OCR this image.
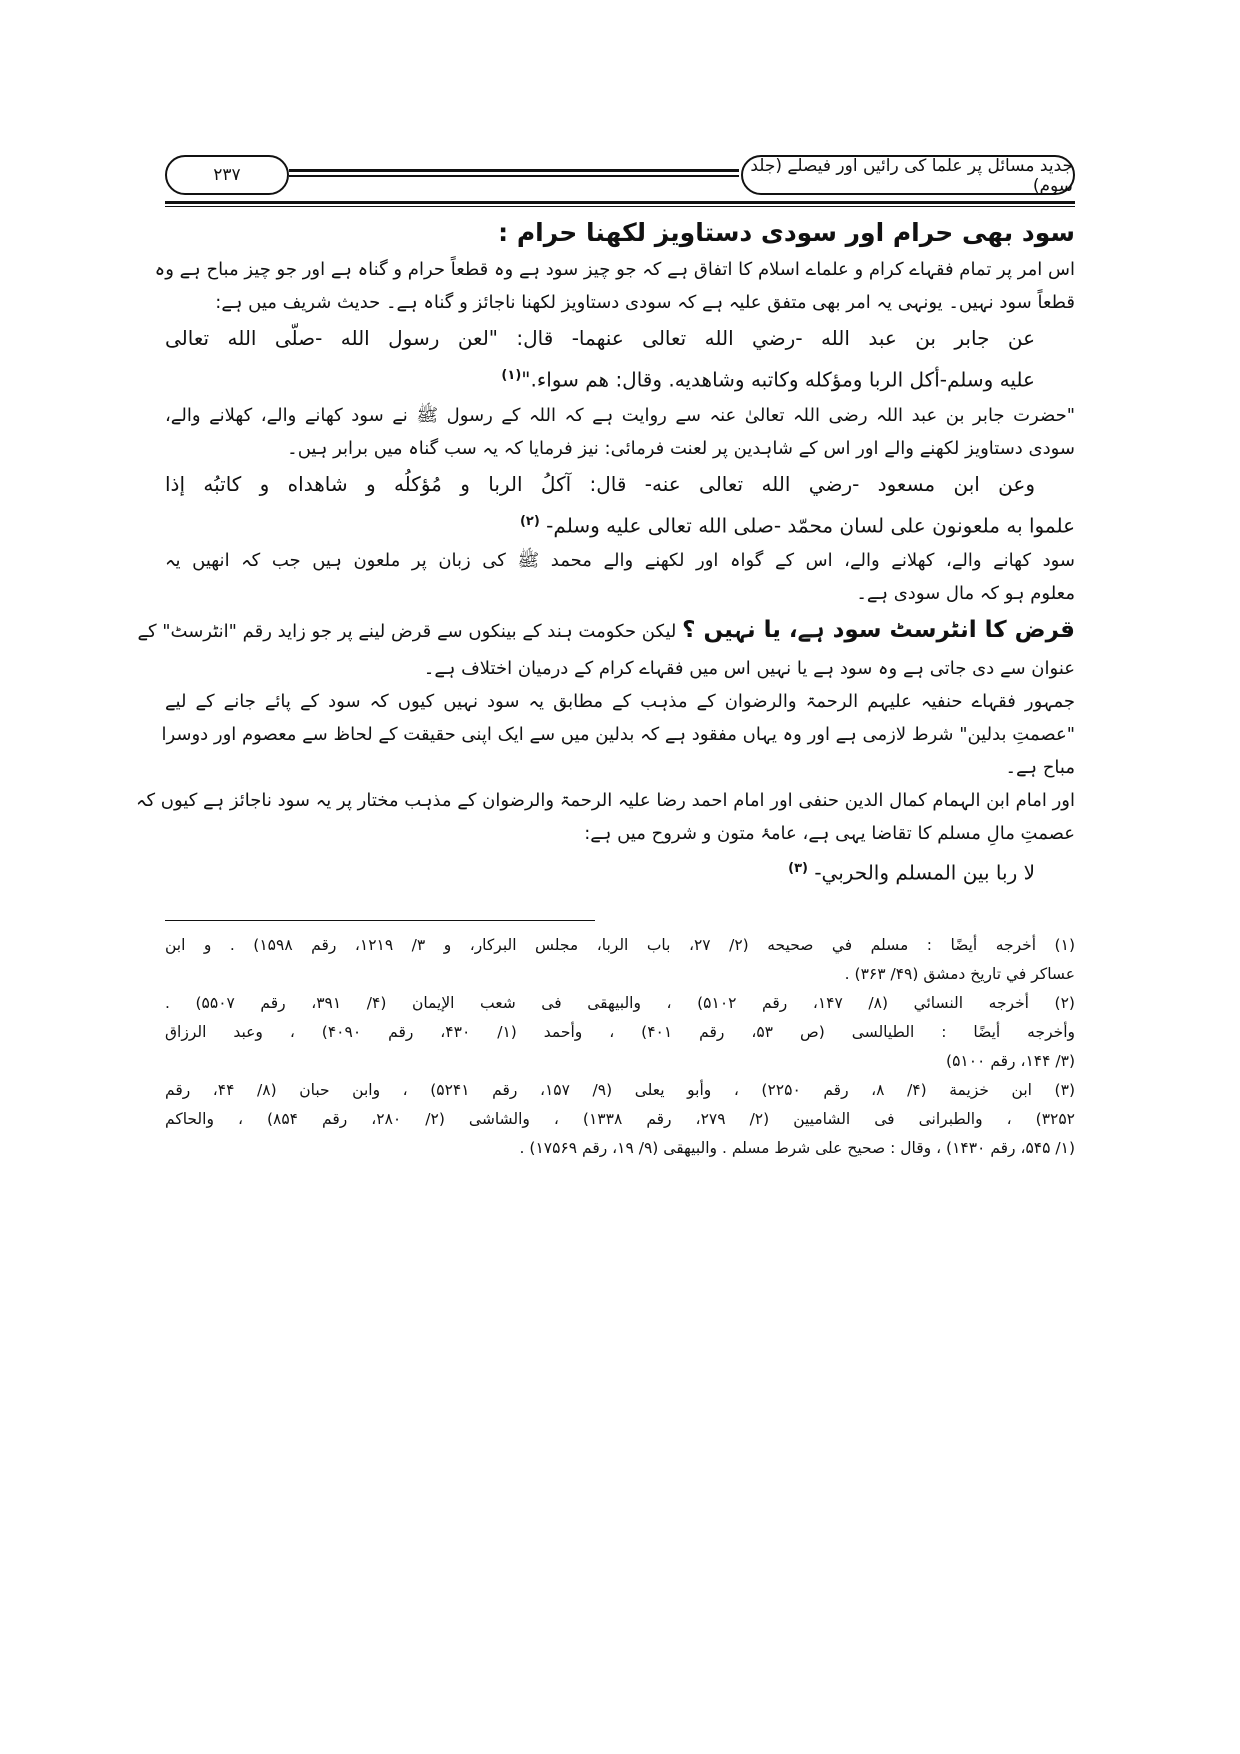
جدید مسائل پر علما کی رائیں اور فیصلے (جلد سوم)
۲۳۷
سود بھی حرام اور سودی دستاویز لکھنا حرام :
اس امر پر تمام فقہاے کرام و علماے اسلام کا اتفاق ہے کہ جو چیز سود ہے وہ قطعاً حرام و گناہ ہے اور جو چیز مباح ہے وہ
قطعاً سود نہیں۔ یونہی یہ امر بھی متفق علیہ ہے کہ سودی دستاویز لکھنا ناجائز و گناہ ہے۔ حدیث شریف میں ہے:
عن جابر بن عبد الله -رضي الله تعالى عنهما- قال: "لعن رسول الله -صلّى الله تعالى
عليه وسلم-أكل الربا ومؤكله وكاتبه وشاهديه. وقال: هم سواء."$^{(۱)}$
"حضرت جابر بن عبد اللہ رضی اللہ تعالیٰ عنہ سے روایت ہے کہ اللہ کے رسول ﷺ نے سود کھانے والے، کھلانے والے،
سودی دستاویز لکھنے والے اور اس کے شاہدین پر لعنت فرمائی: نیز فرمایا کہ یہ سب گناہ میں برابر ہیں۔
وعن ابن مسعود -رضي الله تعالى عنه- قال: آكلُ الربا و مُؤكلُه و شاهداه و كاتبُه إذا
علموا به ملعونون على لسان محمّد -صلى الله تعالى عليه وسلم- $^{(۲)}$
سود کھانے والے، کھلانے والے، اس کے گواہ اور لکھنے والے محمد ﷺ کی زبان پر ملعون ہیں جب کہ انھیں یہ
معلوم ہو کہ مال سودی ہے۔
قرض کا انٹرسٹ سود ہے، یا نہیں ؟ لیکن حکومت ہند کے بینکوں سے قرض لینے پر جو زاید رقم "انٹرسٹ" کے
عنوان سے دی جاتی ہے وہ سود ہے یا نہیں اس میں فقہاے کرام کے درمیان اختلاف ہے۔
جمہور فقہاے حنفیہ علیہم الرحمۃ والرضوان کے مذہب کے مطابق یہ سود نہیں کیوں کہ سود کے پائے جانے کے لیے
"عصمتِ بدلین" شرط لازمی ہے اور وہ یہاں مفقود ہے کہ بدلین میں سے ایک اپنی حقیقت کے لحاظ سے معصوم اور دوسرا
مباح ہے۔
اور امام ابن الہمام کمال الدین حنفی اور امام احمد رضا علیہ الرحمۃ والرضوان کے مذہب مختار پر یہ سود ناجائز ہے کیوں کہ
عصمتِ مالِ مسلم کا تقاضا یہی ہے، عامۂ متون و شروح میں ہے:
لا ربا بين المسلم والحربي- $^{(۳)}$
(۱) أخرجه أيضًا : مسلم في صحيحه (۲/ ۲۷، باب الربا، مجلس البركار، و ۳/ ۱۲۱۹، رقم ۱۵۹۸) . و ابن
عساكر في تاريخ دمشق (۴۹/ ۳۶۳) .
(۲) أخرجه النسائي (۸/ ۱۴۷، رقم ۵۱۰۲) ، والبيهقى فى شعب الإيمان (۴/ ۳۹۱، رقم ۵۵۰۷) .
وأخرجه أيضًا : الطيالسى (ص ۵۳، رقم ۴۰۱) ، وأحمد (۱/ ۴۳۰، رقم ۴۰۹۰) ، وعبد الرزاق
(۳/ ۱۴۴، رقم ۵۱۰۰)
(۳) ابن خزيمة (۴/ ۸، رقم ۲۲۵۰) ، وأبو يعلى (۹/ ۱۵۷، رقم ۵۲۴۱) ، وابن حبان (۸/ ۴۴، رقم
۳۲۵۲) ، والطبرانى فى الشاميين (۲/ ۲۷۹، رقم ۱۳۳۸) ، والشاشى (۲/ ۲۸۰، رقم ۸۵۴) ، والحاكم
(۱/ ۵۴۵، رقم ۱۴۳۰) ، وقال : صحيح على شرط مسلم . والبيهقى (۹/ ۱۹، رقم ۱۷۵۶۹) .
